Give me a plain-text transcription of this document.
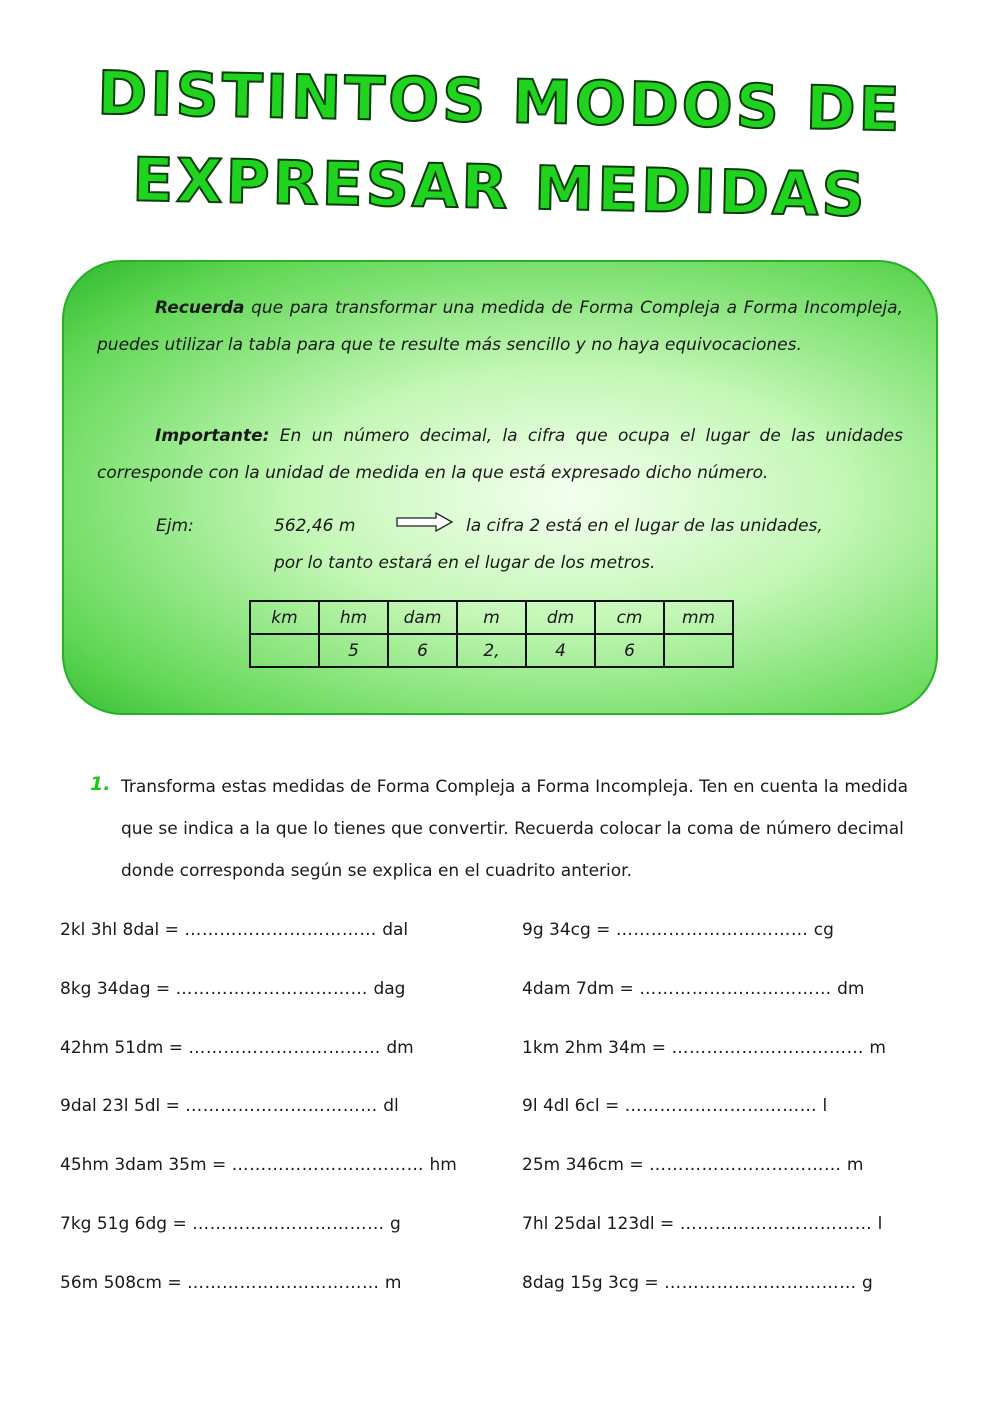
DISTINTOS MODOS DE
EXPRESAR MEDIDAS

Recuerda que para transformar una medida de Forma Compleja a Forma Incompleja, puedes utilizar la tabla para que te resulte más sencillo y no haya equivocaciones.

Importante: En un número decimal, la cifra que ocupa el lugar de las unidades corresponde con la unidad de medida en la que está expresado dicho número.

Ejm:	562,46 m	la cifra 2 está en el lugar de las unidades,

por lo tanto estará en el lugar de los metros.

km	hm	dam	m	dm	cm	mm
	5	6	2,	4	6	

1. Transforma estas medidas de Forma Compleja a Forma Incompleja. Ten en cuenta la medida que se indica a la que lo tienes que convertir. Recuerda colocar la coma de número decimal donde corresponda según se explica en el cuadrito anterior.

2kl 3hl 8dal = …………………………… dal

8kg 34dag = …………………………… dag

42hm 51dm = …………………………… dm

9dal 23l 5dl = …………………………… dl

45hm 3dam 35m = …………………………… hm

7kg 51g 6dg = …………………………… g

56m 508cm = …………………………… m

9g 34cg = …………………………… cg

4dam 7dm = …………………………… dm

1km 2hm 34m = …………………………… m

9l 4dl 6cl = …………………………… l

25m 346cm = …………………………… m

7hl 25dal 123dl = …………………………… l

8dag 15g 3cg = …………………………… g
